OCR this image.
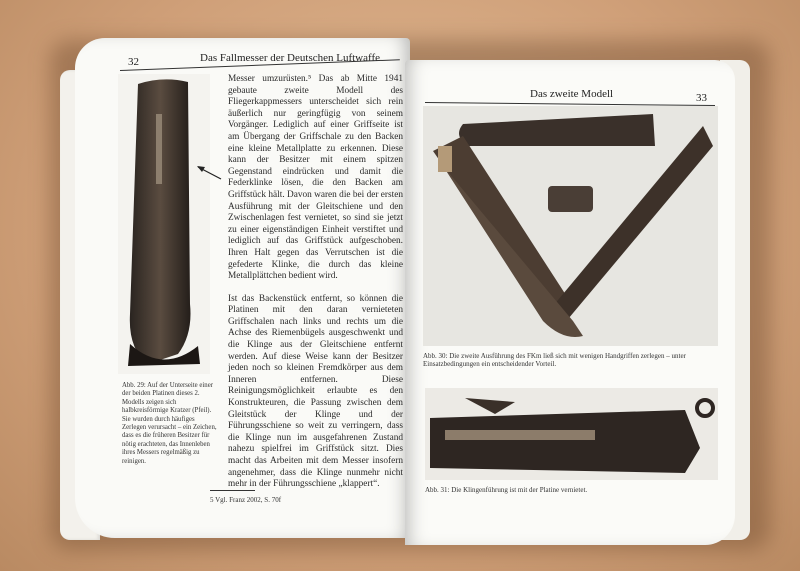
32	Das Fallmesser der Deutschen Luftwaffe

Messer umzurüsten.⁵ Das ab Mitte 1941 gebaute zweite Modell des Fliegerkappmessers unterscheidet sich rein äußerlich nur geringfügig von seinem Vorgänger. Lediglich auf einer Griffseite ist am Übergang der Griffschale zu den Backen eine kleine Metallplatte zu erkennen. Diese kann der Besitzer mit einem spitzen Gegenstand eindrücken und damit die Federklinke lösen, die den Backen am Griffstück hält. Davon waren die bei der ersten Ausführung mit der Gleitschiene und den Zwischenlagen fest vernietet, so sind sie jetzt zu einer eigenständigen Einheit verstiftet und lediglich auf das Griffstück aufgeschoben. Ihren Halt gegen das Verrutschen ist die gefederte Klinke, die durch das kleine Metallplättchen bedient wird.

Ist das Backenstück entfernt, so können die Platinen mit den daran vernieteten Griffschalen nach links und rechts um die Achse des Riemenbügels ausgeschwenkt und die Klinge aus der Gleitschiene entfernt werden. Auf diese Weise kann der Besitzer jeden noch so kleinen Fremdkörper aus dem Inneren entfernen. Diese Reinigungsmöglichkeit erlaubte es den Konstrukteuren, die Passung zwischen dem Gleitstück der Klinge und der Führungsschiene so weit zu verringern, dass die Klinge nun im ausgefahrenen Zustand nahezu spielfrei im Griffstück sitzt. Dies macht das Arbeiten mit dem Messer insofern angenehmer, dass die Klinge nunmehr nicht mehr in der Führungsschiene „klappert“.

Abb. 29: Auf der Unterseite einer der beiden Platinen dieses 2. Modells zeigen sich halbkreisförmige Kratzer (Pfeil). Sie wurden durch häufiges Zerlegen verursacht – ein Zeichen, dass es die früheren Besitzer für nötig erachteten, das Innenleben ihres Messers regelmäßig zu reinigen.
5 Vgl. Franz 2002, S. 70f
Das zweite Modell	33
Abb. 30: Die zweite Ausführung des FKm ließ sich mit wenigen Handgriffen zerlegen – unter Einsatzbedingungen ein entscheidender Vorteil.
Abb. 31: Die Klingenführung ist mit der Platine vernietet.
